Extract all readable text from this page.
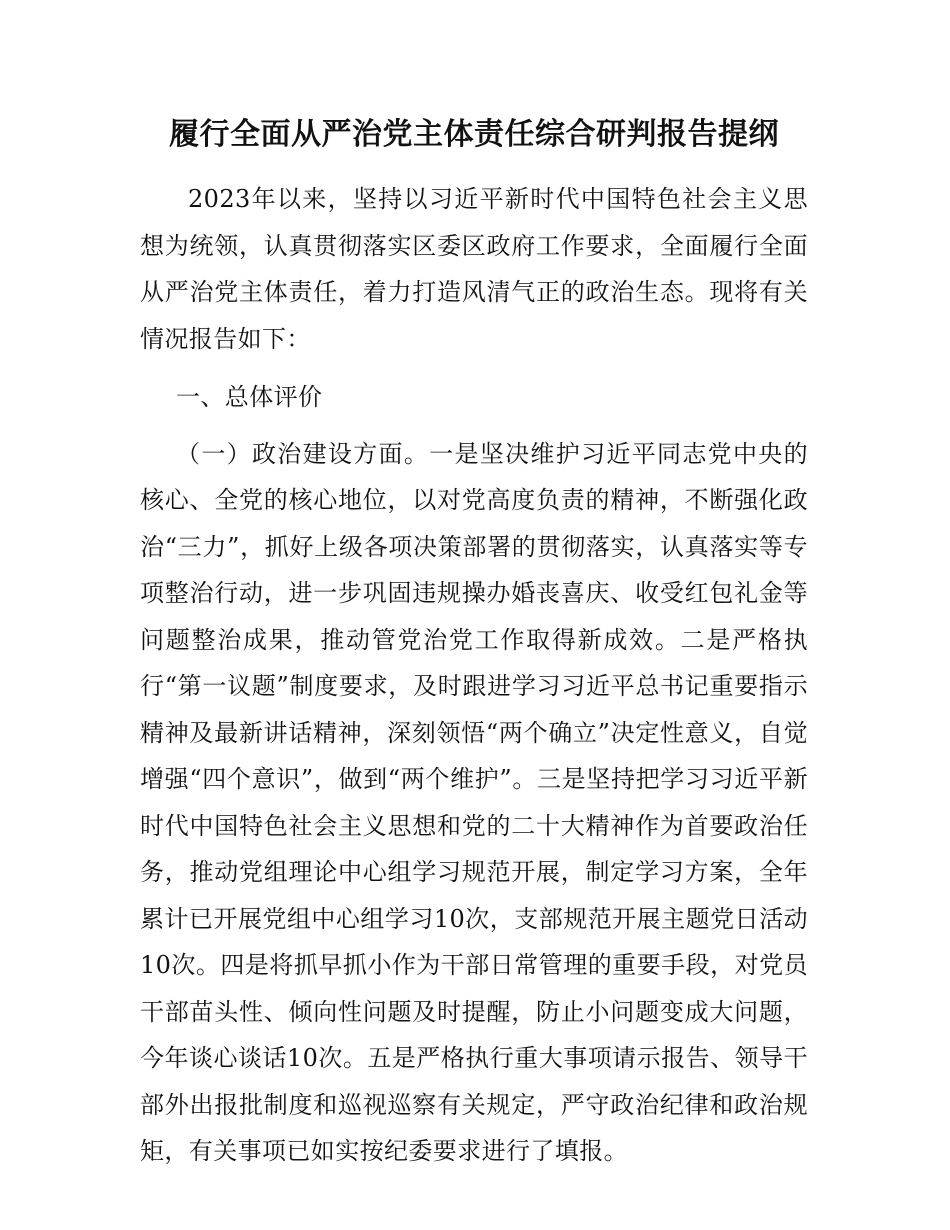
履行全面从严治党主体责任综合研判报告提纲

2023年以来，坚持以习近平新时代中国特色社会主义思想为统领，认真贯彻落实区委区政府工作要求，全面履行全面从严治党主体责任，着力打造风清气正的政治生态。现将有关情况报告如下：

一、总体评价

（一）政治建设方面。一是坚决维护习近平同志党中央的核心、全党的核心地位，以对党高度负责的精神，不断强化政治“三力”，抓好上级各项决策部署的贯彻落实，认真落实等专项整治行动，进一步巩固违规操办婚丧喜庆、收受红包礼金等问题整治成果，推动管党治党工作取得新成效。二是严格执行“第一议题”制度要求，及时跟进学习习近平总书记重要指示精神及最新讲话精神，深刻领悟“两个确立”决定性意义，自觉增强“四个意识”，做到“两个维护”。三是坚持把学习习近平新时代中国特色社会主义思想和党的二十大精神作为首要政治任务，推动党组理论中心组学习规范开展，制定学习方案，全年累计已开展党组中心组学习10次，支部规范开展主题党日活动10次。四是将抓早抓小作为干部日常管理的重要手段，对党员干部苗头性、倾向性问题及时提醒，防止小问题变成大问题，今年谈心谈话10次。五是严格执行重大事项请示报告、领导干部外出报批制度和巡视巡察有关规定，严守政治纪律和政治规矩，有关事项已如实按纪委要求进行了填报。
